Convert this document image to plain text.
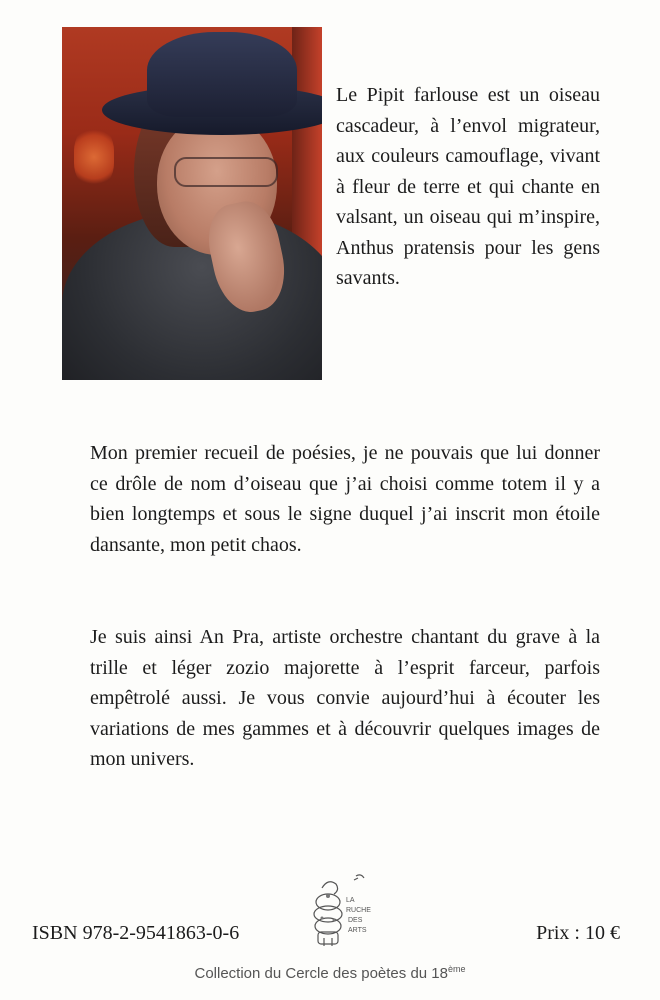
Le Pipit farlouse est un oiseau cascadeur, à l’envol migrateur, aux couleurs camouflage, vivant à fleur de terre et qui chante en valsant, un oiseau qui m’inspire, Anthus pratensis pour les gens savants.

Mon premier recueil de poésies, je ne pouvais que lui donner ce drôle de nom d’oiseau que j’ai choisi comme totem il y a bien longtemps et sous le signe duquel j’ai inscrit mon étoile dansante, mon petit chaos.

Je suis ainsi An Pra, artiste orchestre chantant du grave à la trille et léger zozio majorette à l’esprit farceur, parfois empêtrolé aussi. Je vous convie aujourd’hui à écouter les variations de mes gammes et à découvrir quelques images de mon univers.

ISBN 978-2-9541863-0-6

LA
RUCHE
DES
ARTS	Prix : 10 €

Collection du Cercle des poètes du 18ème
